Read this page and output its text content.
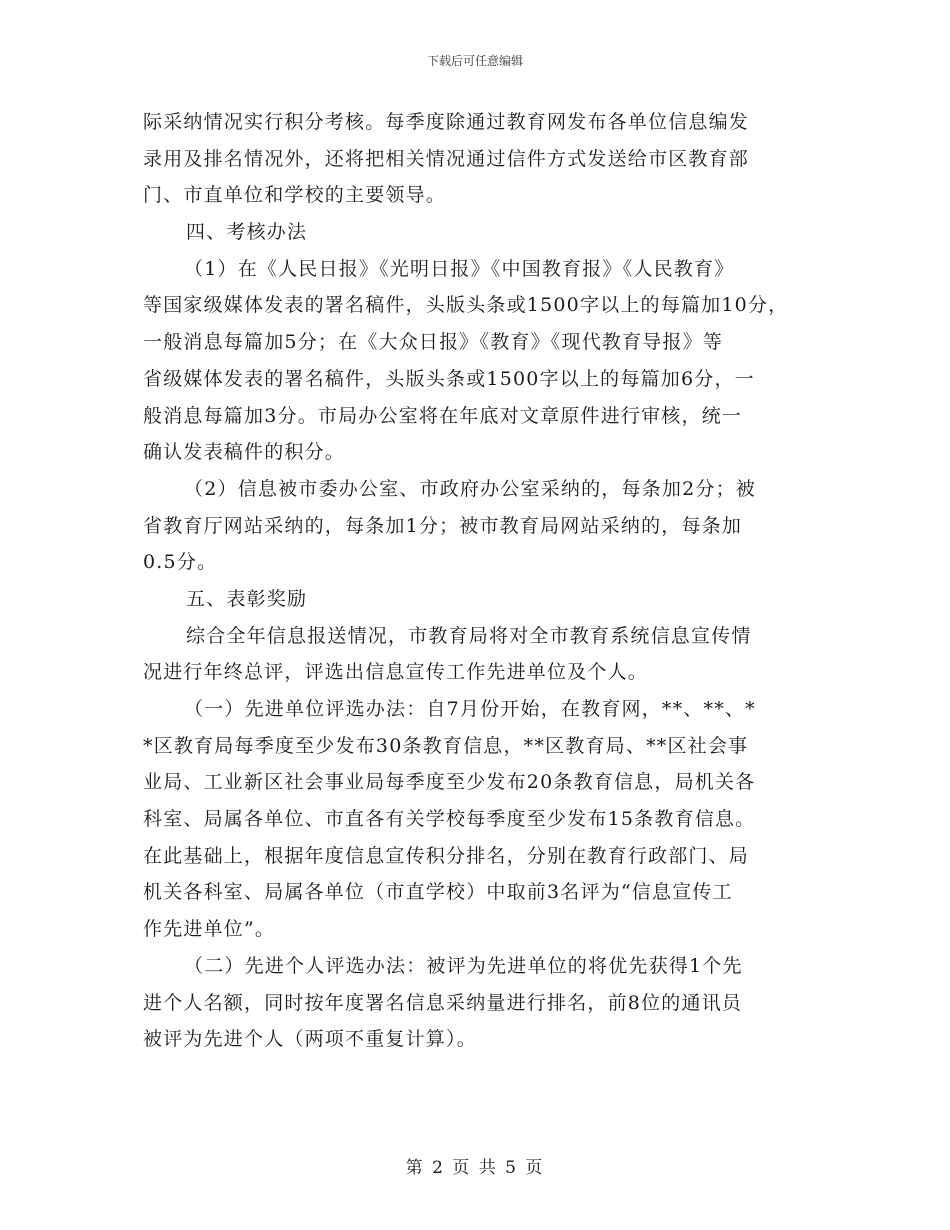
下载后可任意编辑
际采纳情况实行积分考核。每季度除通过教育网发布各单位信息编发
录用及排名情况外，还将把相关情况通过信件方式发送给市区教育部
门、市直单位和学校的主要领导。
四、考核办法
（1）在《人民日报》《光明日报》《中国教育报》《人民教育》
等国家级媒体发表的署名稿件，头版头条或1500字以上的每篇加10分，
一般消息每篇加5分；在《大众日报》《教育》《现代教育导报》等
省级媒体发表的署名稿件，头版头条或1500字以上的每篇加6分，一
般消息每篇加3分。市局办公室将在年底对文章原件进行审核，统一
确认发表稿件的积分。
（2）信息被市委办公室、市政府办公室采纳的，每条加2分；被
省教育厅网站采纳的，每条加1分；被市教育局网站采纳的，每条加
0.5分。
五、表彰奖励
综合全年信息报送情况，市教育局将对全市教育系统信息宣传情
况进行年终总评，评选出信息宣传工作先进单位及个人。
（一）先进单位评选办法：自7月份开始，在教育网，**、**、*
*区教育局每季度至少发布30条教育信息，**区教育局、**区社会事
业局、工业新区社会事业局每季度至少发布20条教育信息，局机关各
科室、局属各单位、市直各有关学校每季度至少发布15条教育信息。
在此基础上，根据年度信息宣传积分排名，分别在教育行政部门、局
机关各科室、局属各单位（市直学校）中取前3名评为“信息宣传工
作先进单位”。
（二）先进个人评选办法：被评为先进单位的将优先获得1个先
进个人名额，同时按年度署名信息采纳量进行排名，前8位的通讯员
被评为先进个人（两项不重复计算）。
第 2 页 共 5 页
